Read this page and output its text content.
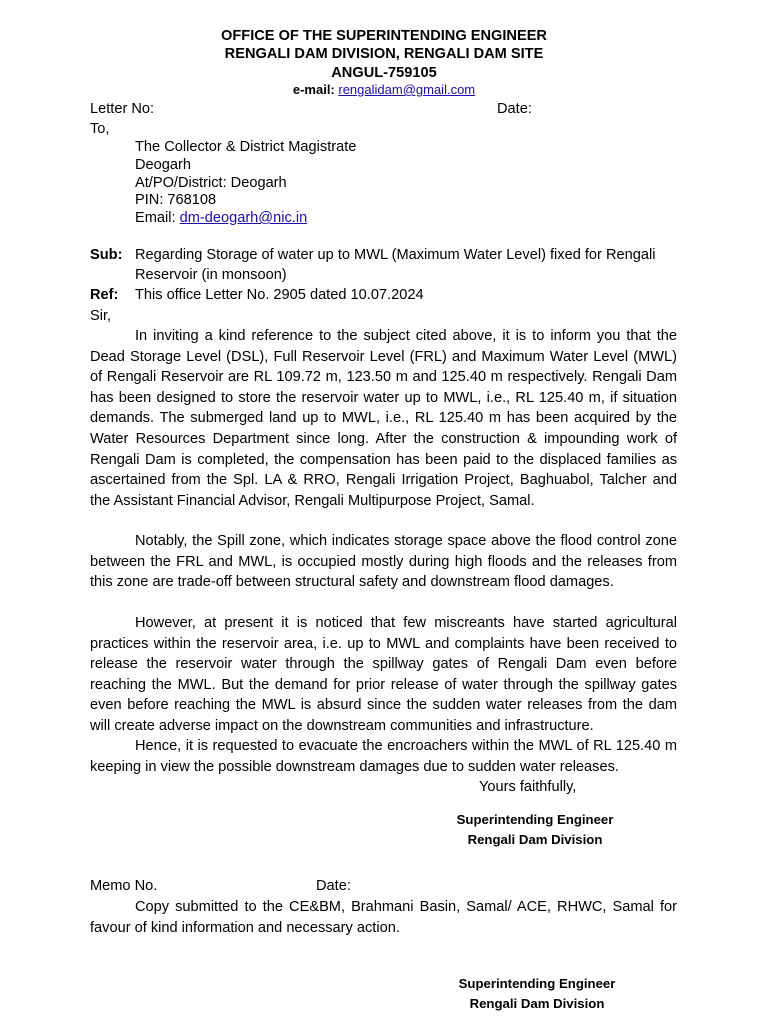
OFFICE OF THE SUPERINTENDING ENGINEER
RENGALI DAM DIVISION, RENGALI DAM SITE
ANGUL-759105
e-mail: rengalidam@gmail.com
Letter No:	Date:
To,
The Collector & District Magistrate
Deogarh
At/PO/District: Deogarh
PIN: 768108
Email: dm-deogarh@nic.in
Sub: Regarding Storage of water up to MWL (Maximum Water Level) fixed for Rengali
Reservoir (in monsoon)
Ref: This office Letter No. 2905 dated 10.07.2024
Sir,

In inviting a kind reference to the subject cited above, it is to inform you that the Dead Storage Level (DSL), Full Reservoir Level (FRL) and Maximum Water Level (MWL) of Rengali Reservoir are RL 109.72 m, 123.50 m and 125.40 m respectively. Rengali Dam has been designed to store the reservoir water up to MWL, i.e., RL 125.40 m, if situation demands. The submerged land up to MWL, i.e., RL 125.40 m has been acquired by the Water Resources Department since long. After the construction & impounding work of Rengali Dam is completed, the compensation has been paid to the displaced families as ascertained from the Spl. LA & RRO, Rengali Irrigation Project, Baghuabol, Talcher and the Assistant Financial Advisor, Rengali Multipurpose Project, Samal.

Notably, the Spill zone, which indicates storage space above the flood control zone between the FRL and MWL, is occupied mostly during high floods and the releases from this zone are trade-off between structural safety and downstream flood damages.

However, at present it is noticed that few miscreants have started agricultural practices within the reservoir area, i.e. up to MWL and complaints have been received to release the reservoir water through the spillway gates of Rengali Dam even before reaching the MWL. But the demand for prior release of water through the spillway gates even before reaching the MWL is absurd since the sudden water releases from the dam will create adverse impact on the downstream communities and infrastructure.

Hence, it is requested to evacuate the encroachers within the MWL of RL 125.40 m keeping in view the possible downstream damages due to sudden water releases.

Yours faithfully,
Superintending Engineer
Rengali Dam Division
Memo No.	Date:

Copy submitted to the CE&BM, Brahmani Basin, Samal/ ACE, RHWC, Samal for favour of kind information and necessary action.

Superintending Engineer
Rengali Dam Division
